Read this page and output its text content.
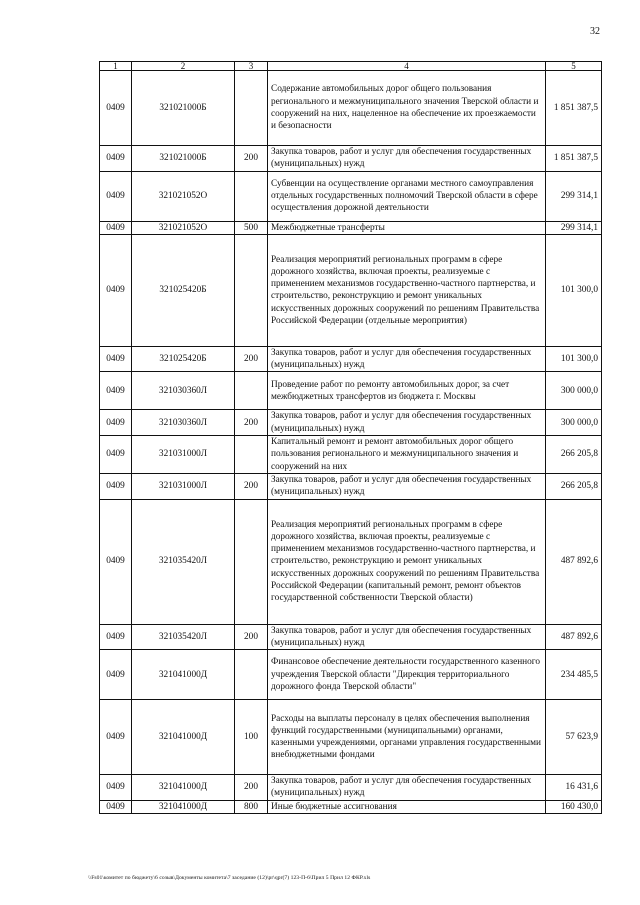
32
1	2	3	4	5
0409	321021000Б		Содержание автомобильных дорог общего пользования регионального и межмуниципального значения Тверской области и сооружений на них, нацеленное на обеспечение их проезжаемости и безопасности	1 851 387,5
0409	321021000Б	200	Закупка товаров, работ и услуг для обеспечения государственных (муниципальных) нужд	1 851 387,5
0409	321021052О		Субвенции на осуществление органами местного самоуправления отдельных государственных полномочий Тверской области в сфере осуществления дорожной деятельности	299 314,1
0409	321021052О	500	Межбюджетные трансферты	299 314,1
0409	321025420Б		Реализация мероприятий региональных программ в сфере дорожного хозяйства, включая проекты, реализуемые с применением механизмов государственно-частного партнерства, и строительство, реконструкцию и ремонт уникальных искусственных дорожных сооружений по решениям Правительства Российской Федерации (отдельные мероприятия)	101 300,0
0409	321025420Б	200	Закупка товаров, работ и услуг для обеспечения государственных (муниципальных) нужд	101 300,0
0409	321030360Л		Проведение работ по ремонту автомобильных дорог, за счет межбюджетных трансфертов из бюджета г. Москвы	300 000,0
0409	321030360Л	200	Закупка товаров, работ и услуг для обеспечения государственных (муниципальных) нужд	300 000,0
0409	321031000Л		Капитальный ремонт и ремонт автомобильных дорог общего пользования регионального и межмуниципального значения и сооружений на них	266 205,8
0409	321031000Л	200	Закупка товаров, работ и услуг для обеспечения государственных (муниципальных) нужд	266 205,8
0409	321035420Л		Реализация мероприятий региональных программ в сфере дорожного хозяйства, включая проекты, реализуемые с применением механизмов государственно-частного партнерства, и строительство, реконструкцию и ремонт уникальных искусственных дорожных сооружений по решениям Правительства Российской Федерации (капитальный ремонт, ремонт объектов государственной собственности Тверской области)	487 892,6
0409	321035420Л	200	Закупка товаров, работ и услуг для обеспечения государственных (муниципальных) нужд	487 892,6
0409	321041000Д		Финансовое обеспечение деятельности государственного казенного учреждения Тверской области "Дирекция территориального дорожного фонда Тверской области"	234 485,5
0409	321041000Д	100	Расходы на выплаты персоналу в целях обеспечения выполнения функций государственными (муниципальными) органами, казенными учреждениями, органами управления государственными внебюджетными фондами	57 623,9
0409	321041000Д	200	Закупка товаров, работ и услуг для обеспечения государственных (муниципальных) нужд	16 431,6
0409	321041000Д	800	Иные бюджетные ассигнования	160 430,0
\\Fs01\комитет по бюджету\6 созыв\Документы комитета\7 заседание (12)\pr\qpr(7) 123-П-6\Прил 5 Прил 12 ФКР.xls
